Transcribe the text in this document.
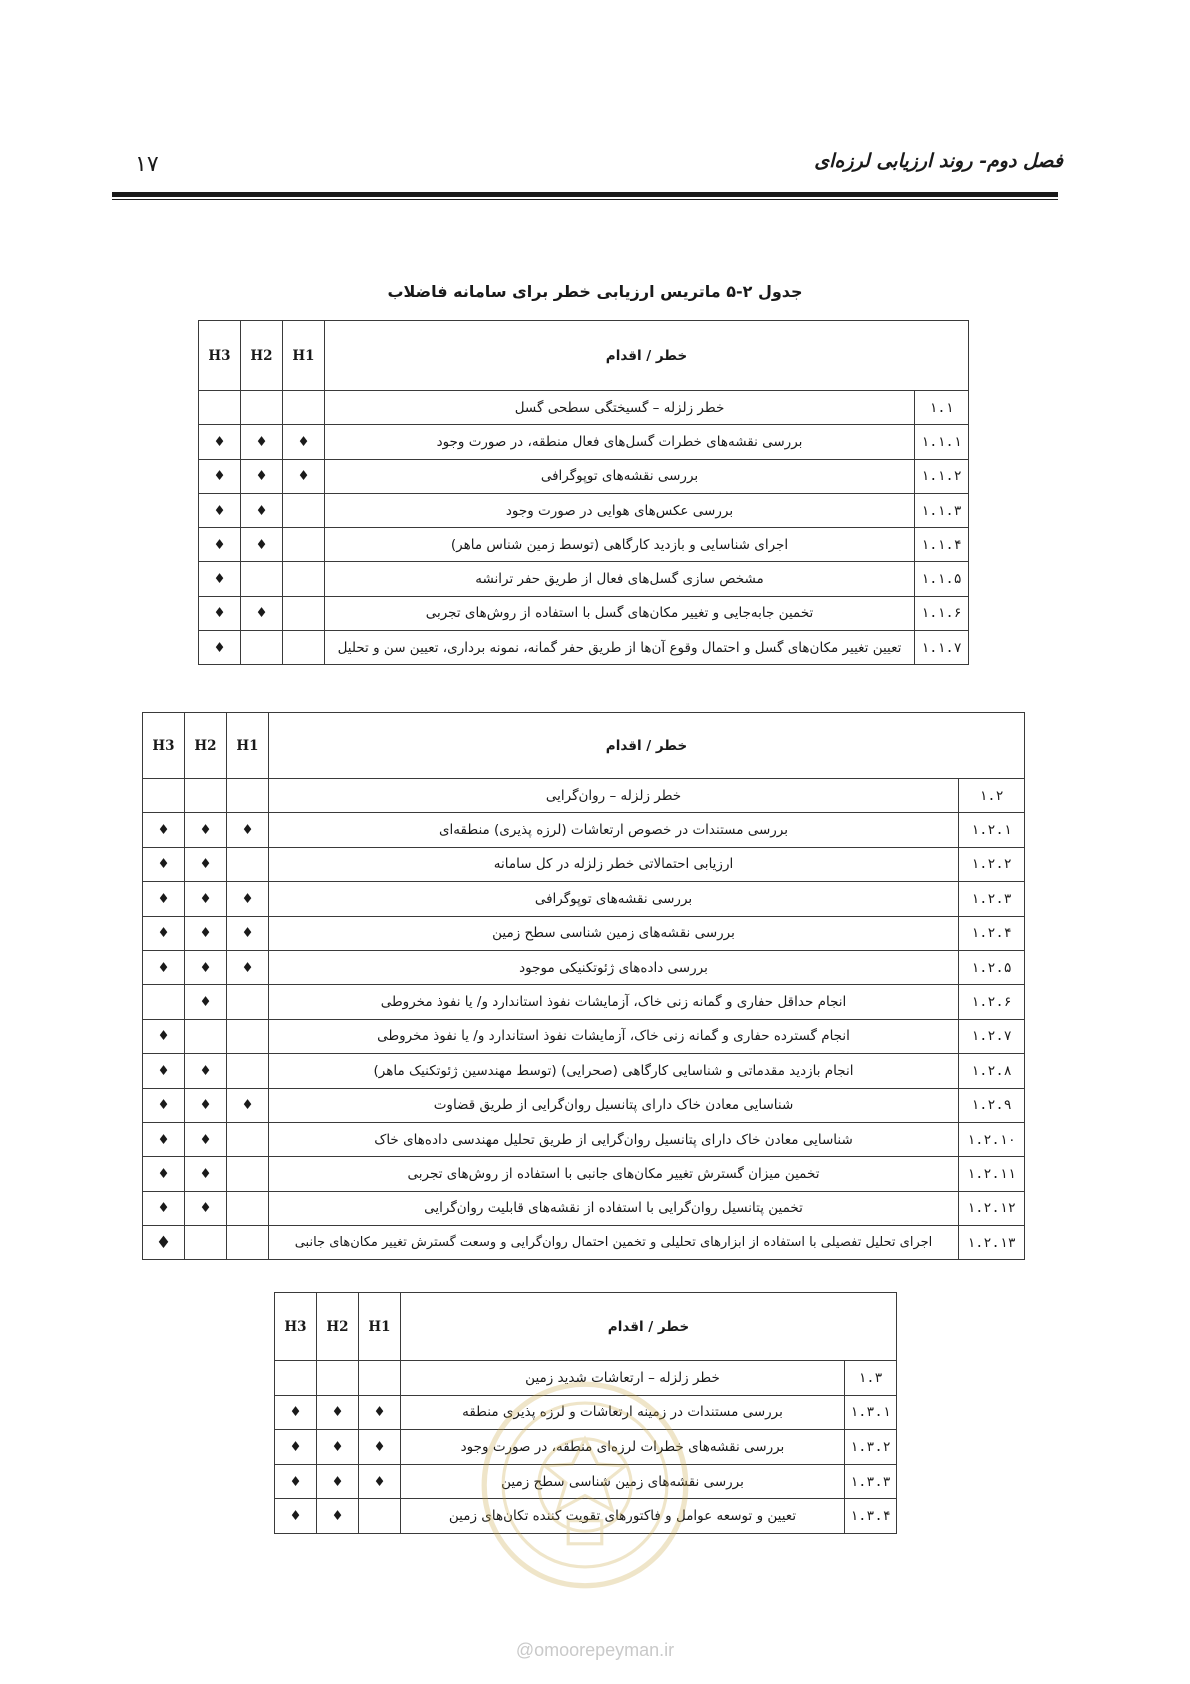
فصل دوم- روند ارزیابی لرزه‌ای
۱۷
جدول ۲-۵ ماتریس ارزیابی خطر برای سامانه فاضلاب
H3	H2	H1	خطر / اقدام	
			خطر زلزله – گسیختگی سطحی گسل	۱.۱
♦	♦	♦	بررسی نقشه‌های خطرات گسل‌های فعال منطقه، در صورت وجود	۱.۱.۱
♦	♦	♦	بررسی نقشه‌های توپوگرافی	۱.۱.۲
♦	♦		بررسی عکس‌های هوایی در صورت وجود	۱.۱.۳
♦	♦		اجرای شناسایی و بازدید کارگاهی (توسط زمین شناس ماهر)	۱.۱.۴
♦			مشخص سازی گسل‌های فعال از طریق حفر ترانشه	۱.۱.۵
♦	♦		تخمین جابه‌جایی و تغییر مکان‌های گسل با استفاده از روش‌های تجربی	۱.۱.۶
♦			تعیین تغییر مکان‌های گسل و احتمال وقوع آن‌ها از طریق حفر گمانه، نمونه برداری، تعیین سن و تحلیل	۱.۱.۷
H3	H2	H1	خطر / اقدام	
			خطر زلزله – روان‌گرایی	۱.۲
♦	♦	♦	بررسی مستندات در خصوص ارتعاشات (لرزه پذیری) منطقه‌ای	۱.۲.۱
♦	♦		ارزیابی احتمالاتی خطر زلزله در کل سامانه	۱.۲.۲
♦	♦	♦	بررسی نقشه‌های توپوگرافی	۱.۲.۳
♦	♦	♦	بررسی نقشه‌های زمین شناسی سطح زمین	۱.۲.۴
♦	♦	♦	بررسی داده‌های ژئوتکنیکی موجود	۱.۲.۵
	♦		انجام حداقل حفاری و گمانه زنی خاک، آزمایشات نفوذ استاندارد و/ یا نفوذ مخروطی	۱.۲.۶
♦			انجام گسترده حفاری و گمانه زنی خاک، آزمایشات نفوذ استاندارد و/ یا نفوذ مخروطی	۱.۲.۷
♦	♦		انجام بازدید مقدماتی و شناسایی کارگاهی (صحرایی) (توسط مهندسین ژئوتکنیک ماهر)	۱.۲.۸
♦	♦	♦	شناسایی معادن خاک دارای پتانسیل روان‌گرایی از طریق قضاوت	۱.۲.۹
♦	♦		شناسایی معادن خاک دارای پتانسیل روان‌گرایی از طریق تحلیل مهندسی داده‌های خاک	۱.۲.۱۰
♦	♦		تخمین میزان گسترش تغییر مکان‌های جانبی با استفاده از روش‌های تجربی	۱.۲.۱۱
♦	♦		تخمین پتانسیل روان‌گرایی با استفاده از نقشه‌های قابلیت روان‌گرایی	۱.۲.۱۲
♦			اجرای تحلیل تفصیلی با استفاده از ابزارهای تحلیلی و تخمین احتمال روان‌گرایی و وسعت گسترش تغییر مکان‌های جانبی	۱.۲.۱۳
H3	H2	H1	خطر / اقدام	
			خطر زلزله – ارتعاشات شدید زمین	۱.۳
♦	♦	♦	بررسی مستندات در زمینه ارتعاشات و لرزه پذیری منطقه	۱.۳.۱
♦	♦	♦	بررسی نقشه‌های خطرات لرزه‌ای منطقه، در صورت وجود	۱.۳.۲
♦	♦	♦	بررسی نقشه‌های زمین شناسی سطح زمین	۱.۳.۳
♦	♦		تعیین و توسعه عوامل و فاکتورهای تقویت کننده تکان‌های زمین	۱.۳.۴
@omoorepeyman.ir
